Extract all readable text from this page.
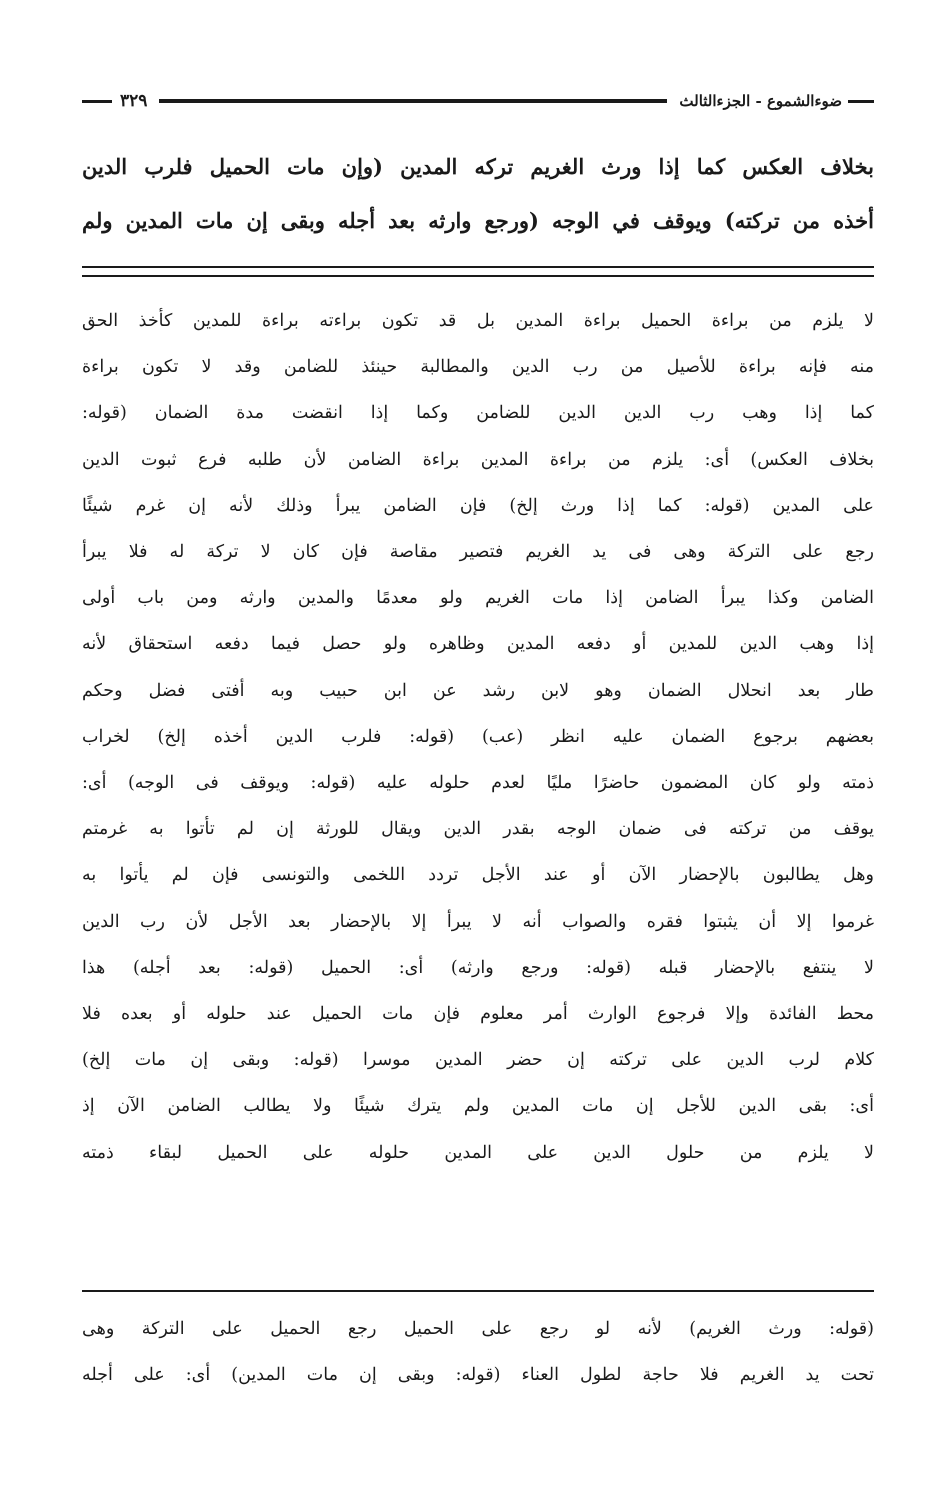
ضوءالشموع - الجزءالثالث
٣٢٩
بخلاف العكس كما إذا ورث الغريم تركه المدين (وإن مات الحميل فلرب الدين
أخذه من تركته) ويوقف في الوجه (ورجع وارثه بعد أجله وبقى إن مات المدين ولم
لا يلزم من براءة الحميل براءة المدين بل قد تكون براءته براءة للمدين كأخذ الحق
منه فإنه براءة للأصيل من رب الدين والمطالبة حينئذ للضامن وقد لا تكون براءة
كما إذا وهب رب الدين الدين للضامن وكما إذا انقضت مدة الضمان (قوله:
بخلاف العكس) أى: يلزم من براءة المدين براءة الضامن لأن طلبه فرع ثبوت الدين
على المدين (قوله: كما إذا ورث إلخ) فإن الضامن يبرأ وذلك لأنه إن غرم شيئًا
رجع على التركة وهى فى يد الغريم فتصير مقاصة فإن كان لا تركة له فلا يبرأ
الضامن وكذا يبرأ الضامن إذا مات الغريم ولو معدمًا والمدين وارثه ومن باب أولى
إذا وهب الدين للمدين أو دفعه المدين وظاهره ولو حصل فيما دفعه استحقاق لأنه
طار بعد انحلال الضمان وهو لابن رشد عن ابن حبيب وبه أفتى فضل وحكم
بعضهم برجوع الضمان عليه انظر (عب) (قوله: فلرب الدين أخذه إلخ) لخراب
ذمته ولو كان المضمون حاضرًا مليًا لعدم حلوله عليه (قوله: ويوقف فى الوجه) أى:
يوقف من تركته فى ضمان الوجه بقدر الدين ويقال للورثة إن لم تأتوا به غرمتم
وهل يطالبون بالإحضار الآن أو عند الأجل تردد اللخمى والتونسى فإن لم يأتوا به
غرموا إلا أن يثبتوا فقره والصواب أنه لا يبرأ إلا بالإحضار بعد الأجل لأن رب الدين
لا ينتفع بالإحضار قبله (قوله: ورجع وارثه) أى: الحميل (قوله: بعد أجله) هذا
محط الفائدة وإلا فرجوع الوارث أمر معلوم فإن مات الحميل عند حلوله أو بعده فلا
كلام لرب الدين على تركته إن حضر المدين موسرا (قوله: وبقى إن مات إلخ)
أى: بقى الدين للأجل إن مات المدين ولم يترك شيئًا ولا يطالب الضامن الآن إذ
لا يلزم من حلول الدين على المدين حلوله على الحميل لبقاء ذمته
(قوله: ورث الغريم) لأنه لو رجع على الحميل رجع الحميل على التركة وهى
تحت يد الغريم فلا حاجة لطول العناء (قوله: وبقى إن مات المدين) أى: على أجله
